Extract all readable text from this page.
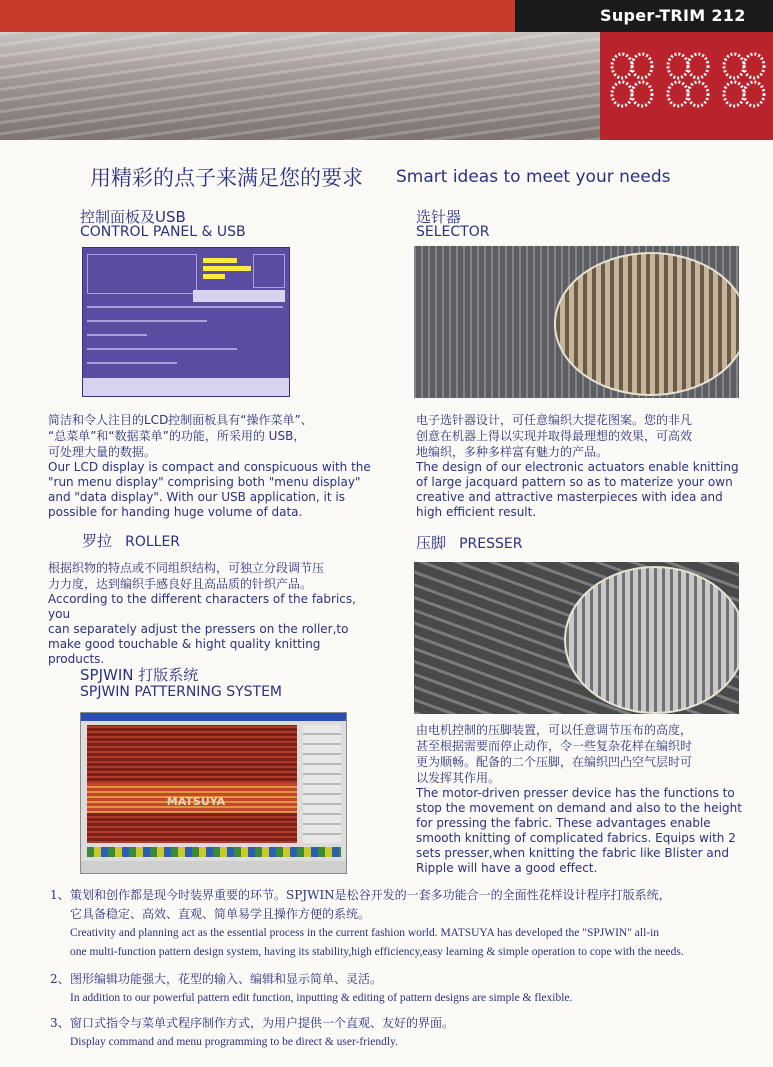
Super-TRIM 212
用精彩的点子来满足您的要求 Smart ideas to meet your needs
控制面板及USB
CONTROL PANEL & USB
简洁和令人注目的LCD控制面板具有“操作菜单”、
“总菜单”和“数据菜单”的功能，所采用的 USB，
可处理大量的数据。
Our LCD display is compact and conspicuous with the
"run menu display" comprising both "menu display"
and "data display". With our USB application, it is
possible for handing huge volume of data.
选针器
SELECTOR
电子选针器设计，可任意编织大提花图案。您的非凡
创意在机器上得以实现并取得最理想的效果，可高效
地编织，多种多样富有魅力的产品。
The design of our electronic actuators enable knitting
of large jacquard pattern so as to materize your own
creative and attractive masterpieces with idea and
high efficient result.
罗拉 ROLLER
根据织物的特点或不同组织结构，可独立分段调节压
力力度，达到编织手感良好且高品质的针织产品。
According to the different characters of the fabrics, you
can separately adjust the pressers on the roller,to
make good touchable & hight quality knitting products.
压脚 PRESSER
由电机控制的压脚装置，可以任意调节压布的高度，
甚至根据需要而停止动作，令一些复杂花样在编织时
更为顺畅。配备的二个压脚，在编织凹凸空气层时可
以发挥其作用。
The motor-driven presser device has the functions to
stop the movement on demand and also to the height
for pressing the fabric. These advantages enable
smooth knitting of complicated fabrics. Equips with 2
sets presser,when knitting the fabric like Blister and
Ripple will have a good effect.
SPJWIN 打版系统
SPJWIN PATTERNING SYSTEM
MATSUYA
1、 策划和创作都是现今时装界重要的环节。SPJWIN是松谷开发的一套多功能合一的全面性花样设计程序打版系统，
它具备稳定、高效、直观、简单易学且操作方便的系统。
Creativity and planning act as the essential process in the current fashion world. MATSUYA has developed the "SPJWIN" all-in
one multi-function pattern design system, having its stability,high efficiency,easy learning & simple operation to cope with the needs.
2、 图形编辑功能强大，花型的输入、编辑和显示简单、灵活。
In addition to our powerful pattern edit function, inputting & editing of pattern designs are simple & flexible.
3、 窗口式指令与菜单式程序制作方式，为用户提供一个直观、友好的界面。
Display command and menu programming to be direct & user-friendly.
